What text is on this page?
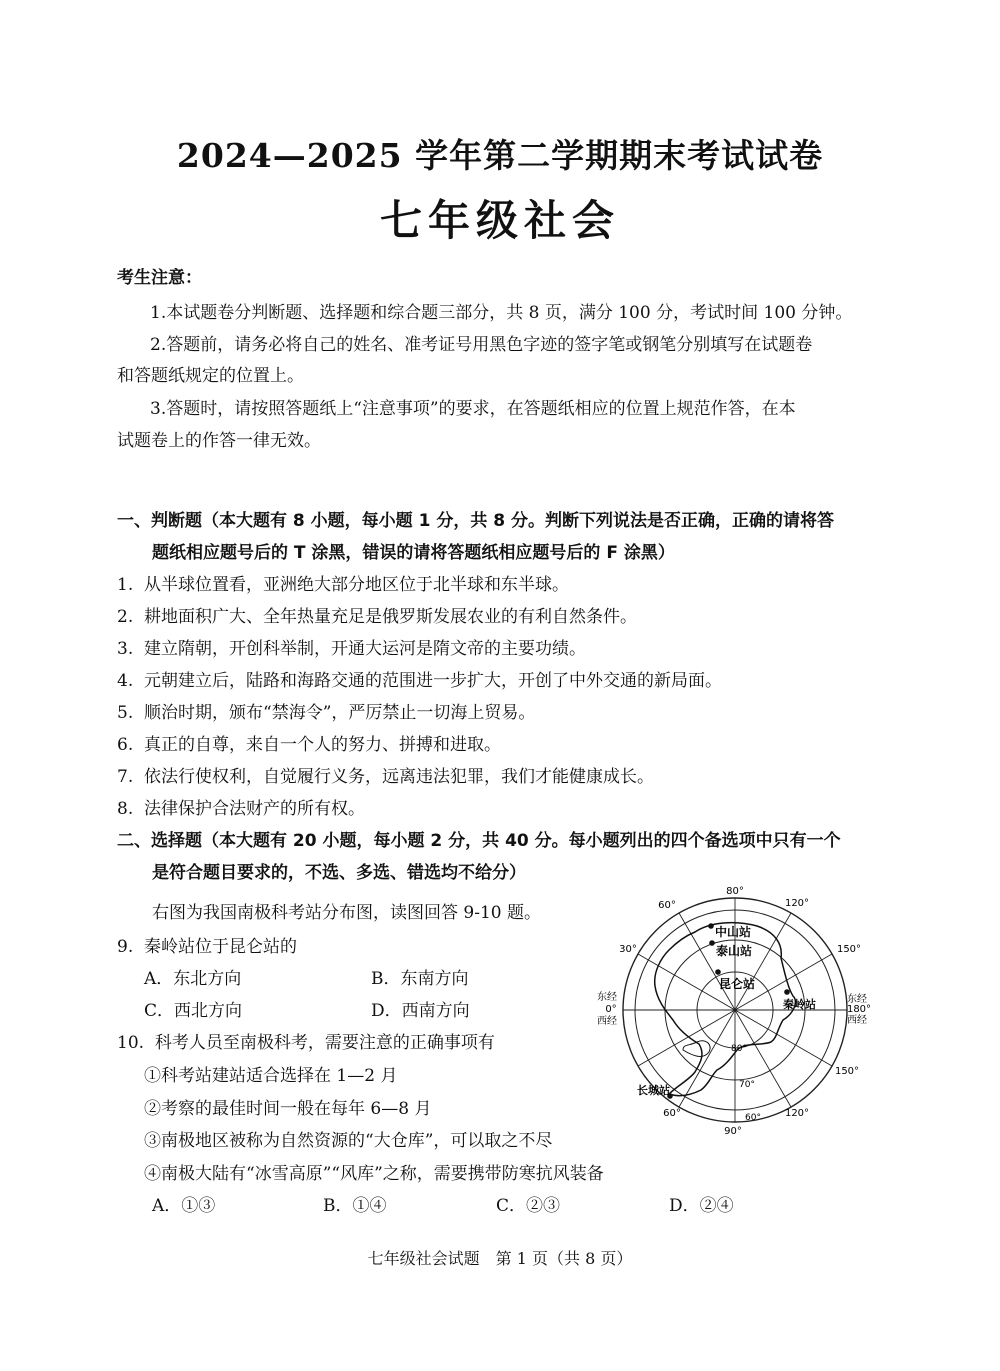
2024—2025 学年第二学期期末考试试卷
七年级社会
考生注意：
1.本试题卷分判断题、选择题和综合题三部分，共 8 页，满分 100 分，考试时间 100 分钟。
2.答题前，请务必将自己的姓名、准考证号用黑色字迹的签字笔或钢笔分别填写在试题卷
和答题纸规定的位置上。
3.答题时，请按照答题纸上“注意事项”的要求，在答题纸相应的位置上规范作答，在本
试题卷上的作答一律无效。
一、判断题（本大题有 8 小题，每小题 1 分，共 8 分。判断下列说法是否正确，正确的请将答
题纸相应题号后的 T 涂黑，错误的请将答题纸相应题号后的 F 涂黑）
1. 从半球位置看，亚洲绝大部分地区位于北半球和东半球。
2. 耕地面积广大、全年热量充足是俄罗斯发展农业的有利自然条件。
3. 建立隋朝，开创科举制，开通大运河是隋文帝的主要功绩。
4. 元朝建立后，陆路和海路交通的范围进一步扩大，开创了中外交通的新局面。
5. 顺治时期，颁布“禁海令”，严厉禁止一切海上贸易。
6. 真正的自尊，来自一个人的努力、拼搏和进取。
7. 依法行使权利，自觉履行义务，远离违法犯罪，我们才能健康成长。
8. 法律保护合法财产的所有权。
二、选择题（本大题有 20 小题，每小题 2 分，共 40 分。每小题列出的四个备选项中只有一个
是符合题目要求的，不选、多选、错选均不给分）
右图为我国南极科考站分布图，读图回答 9-10 题。
9. 秦岭站位于昆仑站的
A．东北方向	B．东南方向
C．西北方向	D．西南方向
10. 科考人员至南极科考，需要注意的正确事项有
①科考站建站适合选择在 1—2 月
②考察的最佳时间一般在每年 6—8 月
③南极地区被称为自然资源的“大仓库”，可以取之不尽
④南极大陆有“冰雪高原”“风库”之称，需要携带防寒抗风装备
A．①③	B．①④	C．②③	D．②④
80°
60°	120°
30°	150°
60°
90°
120°
150°
东经
0°
西经
东经
180°
西经
80°
70°
60°
中山站
泰山站
昆仑站
秦岭站
长城站
七年级社会试题　第 1 页（共 8 页）
